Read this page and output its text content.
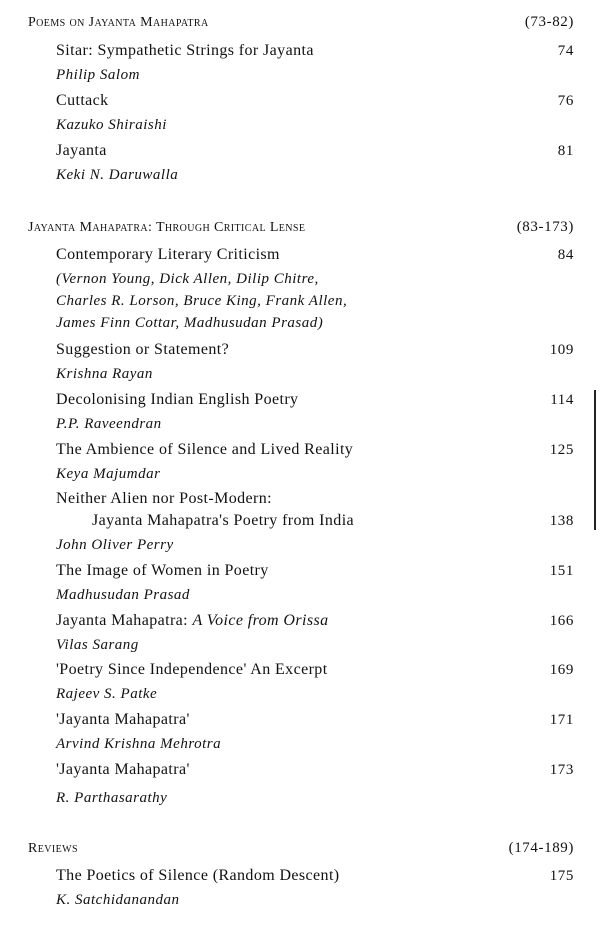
Poems on Jayanta Mahapatra	(73-82)
Sitar: Sympathetic Strings for Jayanta	74
Philip Salom
Cuttack	76
Kazuko Shiraishi
Jayanta	81
Keki N. Daruwalla
Jayanta Mahapatra: Through Critical Lense	(83-173)
Contemporary Literary Criticism	84
(Vernon Young, Dick Allen, Dilip Chitre,
Charles R. Lorson, Bruce King, Frank Allen,
James Finn Cottar, Madhusudan Prasad)
Suggestion or Statement?	109
Krishna Rayan
Decolonising Indian English Poetry	114
P.P. Raveendran
The Ambience of Silence and Lived Reality	125
Keya Majumdar
Neither Alien nor Post-Modern:
Jayanta Mahapatra's Poetry from India	138
John Oliver Perry
The Image of Women in Poetry	151
Madhusudan Prasad
Jayanta Mahapatra: A Voice from Orissa	166
Vilas Sarang
'Poetry Since Independence' An Excerpt	169
Rajeev S. Patke
'Jayanta Mahapatra'	171
Arvind Krishna Mehrotra
'Jayanta Mahapatra'	173
R. Parthasarathy
Reviews	(174-189)
The Poetics of Silence (Random Descent)	175
K. Satchidanandan
